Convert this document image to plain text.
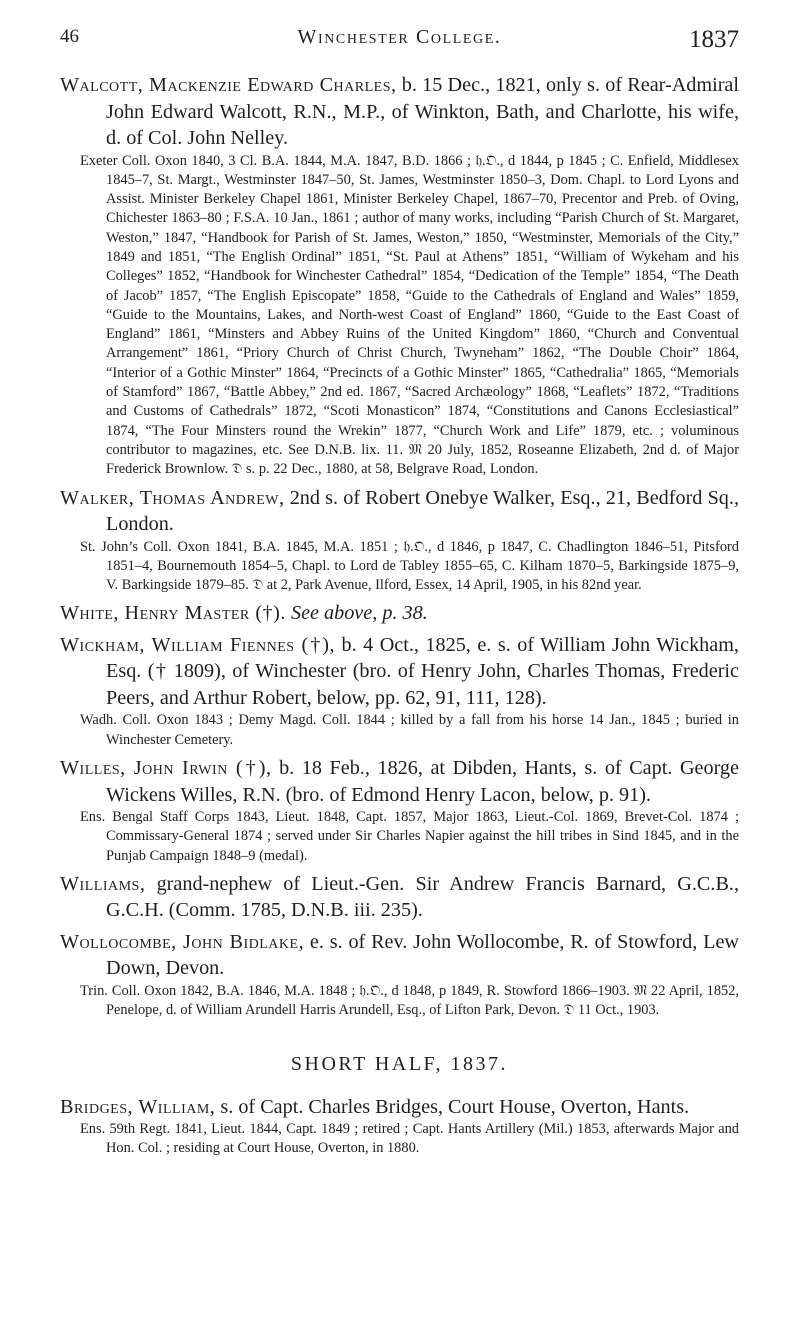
46	Winchester College.	1837

Walcott, Mackenzie Edward Charles, b. 15 Dec., 1821, only s. of Rear-Admiral John Edward Walcott, R.N., M.P., of Winkton, Bath, and Charlotte, his wife, d. of Col. John Nelley.

Exeter Coll. Oxon 1840, 3 Cl. B.A. 1844, M.A. 1847, B.D. 1866 ; 𝔥.𝔒., d 1844, p 1845 ; C. Enfield, Middlesex 1845–7, St. Margt., Westminster 1847–50, St. James, Westminster 1850–3, Dom. Chapl. to Lord Lyons and Assist. Minister Berkeley Chapel 1861, Minister Berkeley Chapel, 1867–70, Precentor and Preb. of Oving, Chichester 1863–80 ; F.S.A. 10 Jan., 1861 ; author of many works, including “Parish Church of St. Margaret, Weston,” 1847, “Handbook for Parish of St. James, Weston,” 1850, “Westminster, Memorials of the City,” 1849 and 1851, “The English Ordinal” 1851, “St. Paul at Athens” 1851, “William of Wykeham and his Colleges” 1852, “Handbook for Winchester Cathedral” 1854, “Dedication of the Temple” 1854, “The Death of Jacob” 1857, “The English Episcopate” 1858, “Guide to the Cathedrals of England and Wales” 1859, “Guide to the Mountains, Lakes, and North-west Coast of England” 1860, “Guide to the East Coast of England” 1861, “Minsters and Abbey Ruins of the United Kingdom” 1860, “Church and Conventual Arrangement” 1861, “Priory Church of Christ Church, Twyneham” 1862, “The Double Choir” 1864, “Interior of a Gothic Minster” 1864, “Precincts of a Gothic Minster” 1865, “Cathedralia” 1865, “Memorials of Stamford” 1867, “Battle Abbey,” 2nd ed. 1867, “Sacred Archæology” 1868, “Leaflets” 1872, “Traditions and Customs of Cathedrals” 1872, “Scoti Monasticon” 1874, “Constitutions and Canons Ecclesiastical” 1874, “The Four Minsters round the Wrekin” 1877, “Church Work and Life” 1879, etc. ; voluminous contributor to magazines, etc. See D.N.B. lix. 11. 𝔐 20 July, 1852, Roseanne Elizabeth, 2nd d. of Major Frederick Brownlow. 𝔇 s. p. 22 Dec., 1880, at 58, Belgrave Road, London.

Walker, Thomas Andrew, 2nd s. of Robert Onebye Walker, Esq., 21, Bedford Sq., London.

St. John’s Coll. Oxon 1841, B.A. 1845, M.A. 1851 ; 𝔥.𝔒., d 1846, p 1847, C. Chadlington 1846–51, Pitsford 1851–4, Bournemouth 1854–5, Chapl. to Lord de Tabley 1855–65, C. Kilham 1870–5, Barkingside 1875–9, V. Barkingside 1879–85. 𝔇 at 2, Park Avenue, Ilford, Essex, 14 April, 1905, in his 82nd year.

White, Henry Master (†). See above, p. 38.

Wickham, William Fiennes (†), b. 4 Oct., 1825, e. s. of William John Wickham, Esq. († 1809), of Winchester (bro. of Henry John, Charles Thomas, Frederic Peers, and Arthur Robert, below, pp. 62, 91, 111, 128).

Wadh. Coll. Oxon 1843 ; Demy Magd. Coll. 1844 ; killed by a fall from his horse 14 Jan., 1845 ; buried in Winchester Cemetery.

Willes, John Irwin (†), b. 18 Feb., 1826, at Dibden, Hants, s. of Capt. George Wickens Willes, R.N. (bro. of Edmond Henry Lacon, below, p. 91).

Ens. Bengal Staff Corps 1843, Lieut. 1848, Capt. 1857, Major 1863, Lieut.-Col. 1869, Brevet-Col. 1874 ; Commissary-General 1874 ; served under Sir Charles Napier against the hill tribes in Sind 1845, and in the Punjab Campaign 1848–9 (medal).

Williams, grand-nephew of Lieut.-Gen. Sir Andrew Francis Barnard, G.C.B., G.C.H. (Comm. 1785, D.N.B. iii. 235).

Wollocombe, John Bidlake, e. s. of Rev. John Wollocombe, R. of Stowford, Lew Down, Devon.

Trin. Coll. Oxon 1842, B.A. 1846, M.A. 1848 ; 𝔥.𝔒., d 1848, p 1849, R. Stowford 1866–1903. 𝔐 22 April, 1852, Penelope, d. of William Arundell Harris Arundell, Esq., of Lifton Park, Devon. 𝔇 11 Oct., 1903.

SHORT HALF, 1837.

Bridges, William, s. of Capt. Charles Bridges, Court House, Overton, Hants.

Ens. 59th Regt. 1841, Lieut. 1844, Capt. 1849 ; retired ; Capt. Hants Artillery (Mil.) 1853, afterwards Major and Hon. Col. ; residing at Court House, Overton, in 1880.
